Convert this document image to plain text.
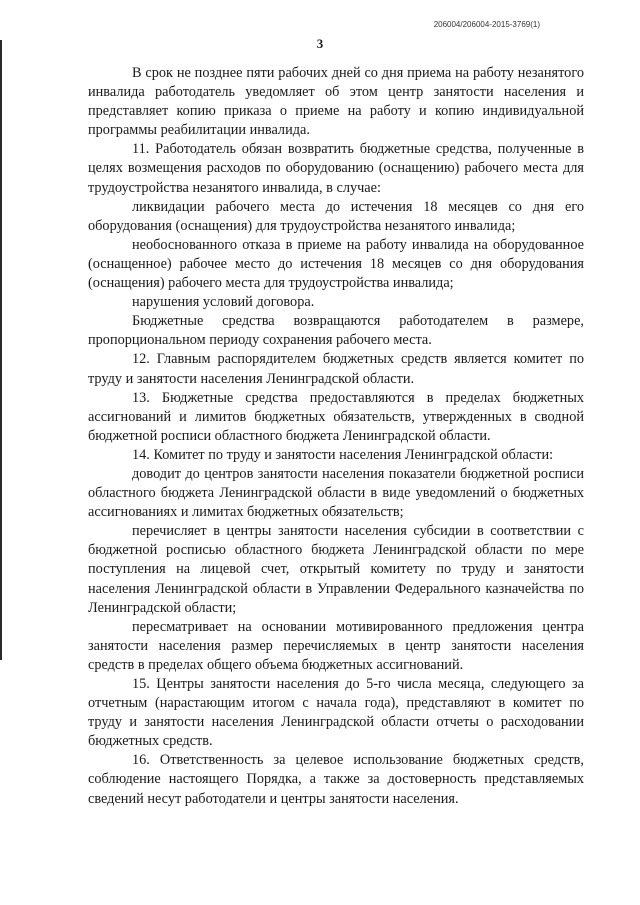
206004/206004-2015-3769(1)
3

В срок не позднее пяти рабочих дней со дня приема на работу незанятого инвалида работодатель уведомляет об этом центр занятости населения и представляет копию приказа о приеме на работу и копию индивидуальной программы реабилитации инвалида.

11. Работодатель обязан возвратить бюджетные средства, полученные в целях возмещения расходов по оборудованию (оснащению) рабочего места для трудоустройства незанятого инвалида, в случае:

ликвидации рабочего места до истечения 18 месяцев со дня его оборудования (оснащения) для трудоустройства незанятого инвалида;

необоснованного отказа в приеме на работу инвалида на оборудованное (оснащенное) рабочее место до истечения 18 месяцев со дня оборудования (оснащения) рабочего места для трудоустройства инвалида;

нарушения условий договора.

Бюджетные средства возвращаются работодателем в размере, пропорциональном периоду сохранения рабочего места.

12. Главным распорядителем бюджетных средств является комитет по труду и занятости населения Ленинградской области.

13. Бюджетные средства предоставляются в пределах бюджетных ассигнований и лимитов бюджетных обязательств, утвержденных в сводной бюджетной росписи областного бюджета Ленинградской области.

14. Комитет по труду и занятости населения Ленинградской области:

доводит до центров занятости населения показатели бюджетной росписи областного бюджета Ленинградской области в виде уведомлений о бюджетных ассигнованиях и лимитах бюджетных обязательств;

перечисляет в центры занятости населения субсидии в соответствии с бюджетной росписью областного бюджета Ленинградской области по мере поступления на лицевой счет, открытый комитету по труду и занятости населения Ленинградской области в Управлении Федерального казначейства по Ленинградской области;

пересматривает на основании мотивированного предложения центра занятости населения размер перечисляемых в центр занятости населения средств в пределах общего объема бюджетных ассигнований.

15. Центры занятости населения до 5-го числа месяца, следующего за отчетным (нарастающим итогом с начала года), представляют в комитет по труду и занятости населения Ленинградской области отчеты о расходовании бюджетных средств.

16. Ответственность за целевое использование бюджетных средств, соблюдение настоящего Порядка, а также за достоверность представляемых сведений несут работодатели и центры занятости населения.
